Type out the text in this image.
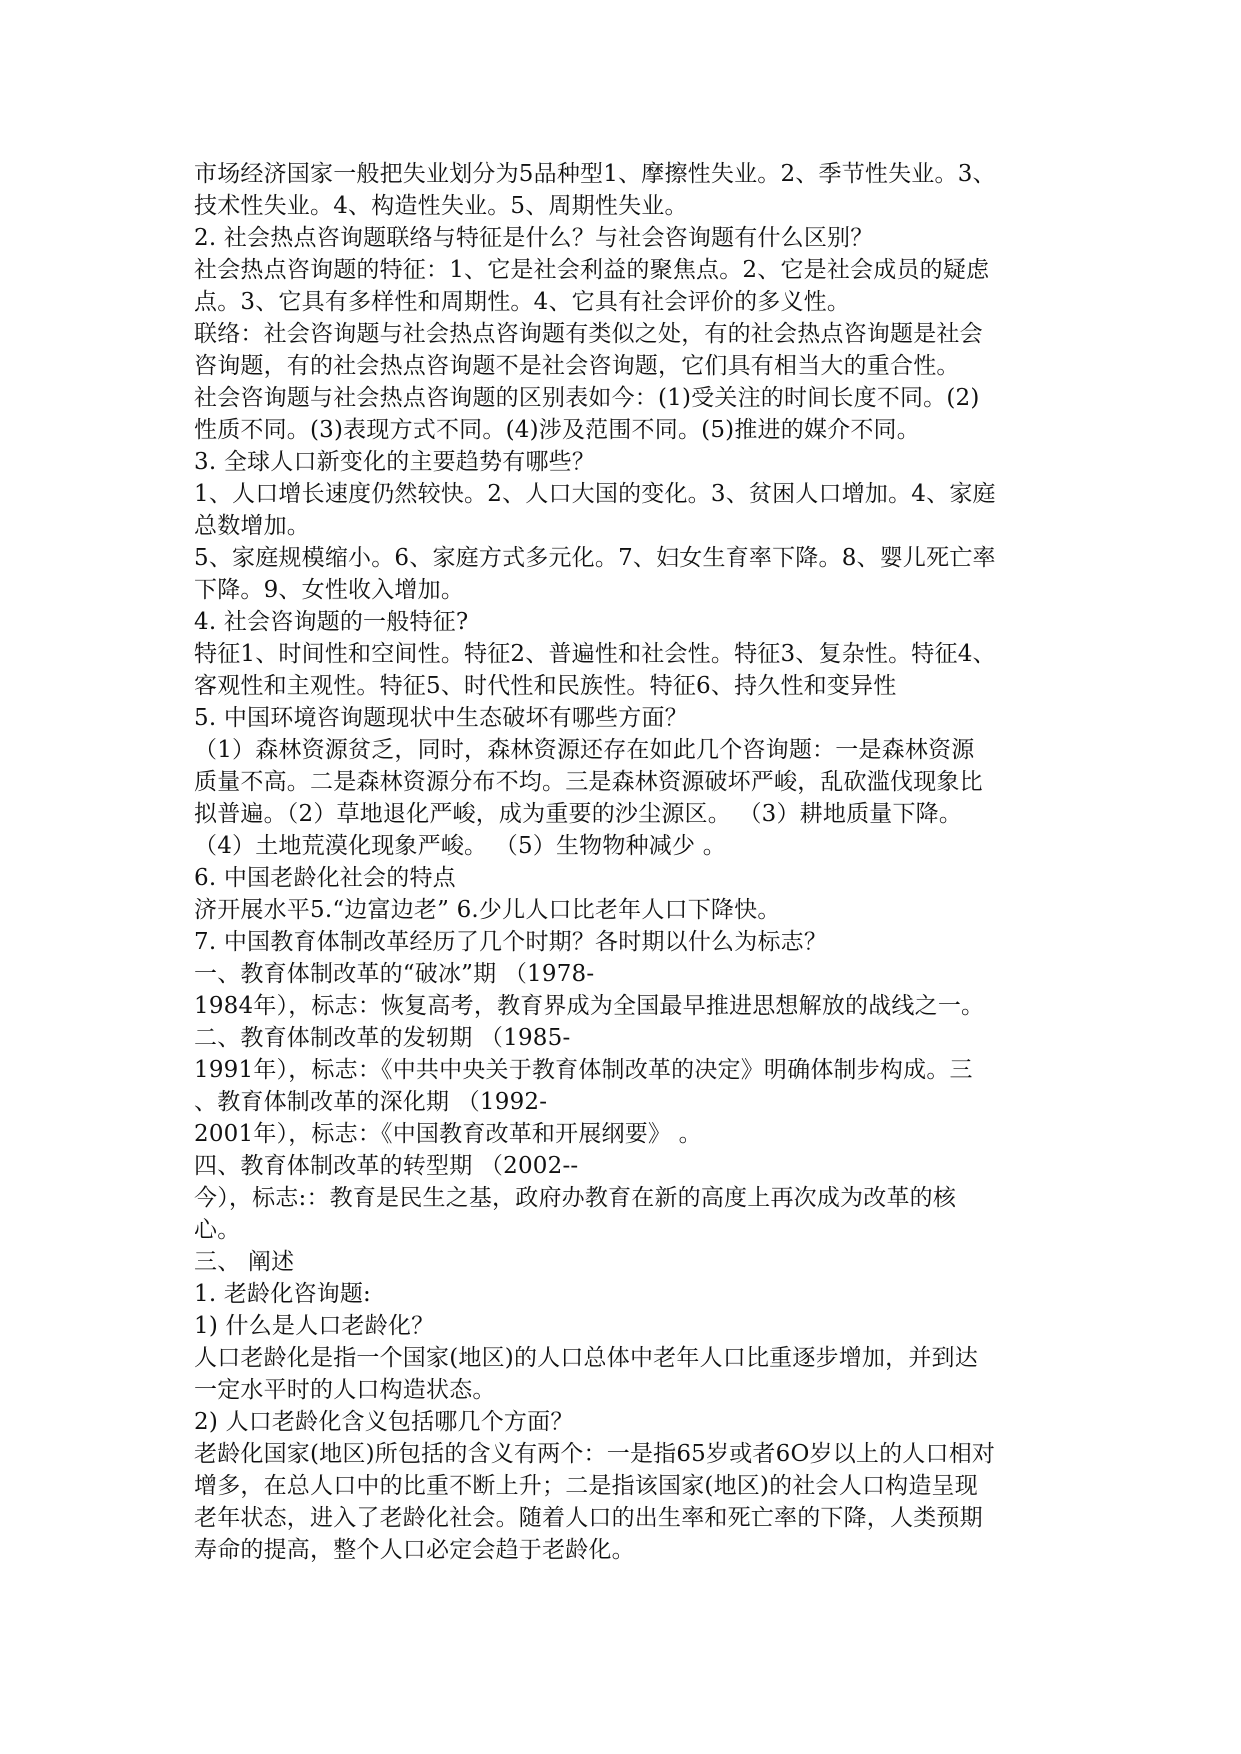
市场经济国家一般把失业划分为5品种型1、摩擦性失业。2、季节性失业。3、
技术性失业。4、构造性失业。5、周期性失业。
2. 社会热点咨询题联络与特征是什么？与社会咨询题有什么区别？
社会热点咨询题的特征：1、它是社会利益的聚焦点。2、它是社会成员的疑虑
点。3、它具有多样性和周期性。4、它具有社会评价的多义性。
联络：社会咨询题与社会热点咨询题有类似之处，有的社会热点咨询题是社会
咨询题，有的社会热点咨询题不是社会咨询题，它们具有相当大的重合性。
社会咨询题与社会热点咨询题的区别表如今：(1)受关注的时间长度不同。(2)
性质不同。(3)表现方式不同。(4)涉及范围不同。(5)推进的媒介不同。
3. 全球人口新变化的主要趋势有哪些？
1、人口增长速度仍然较快。2、人口大国的变化。3、贫困人口增加。4、家庭
总数增加。
5、家庭规模缩小。6、家庭方式多元化。7、妇女生育率下降。8、婴儿死亡率
下降。9、女性收入增加。
4. 社会咨询题的一般特征?
特征1、时间性和空间性。特征2、普遍性和社会性。特征3、复杂性。特征4、
客观性和主观性。特征5、时代性和民族性。特征6、持久性和变异性
5. 中国环境咨询题现状中生态破坏有哪些方面？
（1）森林资源贫乏，同时，森林资源还存在如此几个咨询题：一是森林资源
质量不高。二是森林资源分布不均。三是森林资源破坏严峻，乱砍滥伐现象比
拟普遍。（2）草地退化严峻，成为重要的沙尘源区。 （3）耕地质量下降。
（4）土地荒漠化现象严峻。 （5）生物物种减少 。
6. 中国老龄化社会的特点
济开展水平5.“边富边老” 6.少儿人口比老年人口下降快。
7. 中国教育体制改革经历了几个时期？各时期以什么为标志？
一、教育体制改革的“破冰”期 （1978-
1984年），标志：恢复高考，教育界成为全国最早推进思想解放的战线之一。
二、教育体制改革的发轫期 （1985-
1991年），标志：《中共中央关于教育体制改革的决定》明确体制步构成。三
、教育体制改革的深化期 （1992-
2001年），标志：《中国教育改革和开展纲要》 。
四、教育体制改革的转型期 （2002--
今），标志:：教育是民生之基，政府办教育在新的高度上再次成为改革的核
心。
三、 阐述
1. 老龄化咨询题:
1) 什么是人口老龄化？
人口老龄化是指一个国家(地区)的人口总体中老年人口比重逐步增加，并到达
一定水平时的人口构造状态。
2) 人口老龄化含义包括哪几个方面？
老龄化国家(地区)所包括的含义有两个：一是指65岁或者6O岁以上的人口相对
增多，在总人口中的比重不断上升；二是指该国家(地区)的社会人口构造呈现
老年状态，进入了老龄化社会。随着人口的出生率和死亡率的下降，人类预期
寿命的提高，整个人口必定会趋于老龄化。
